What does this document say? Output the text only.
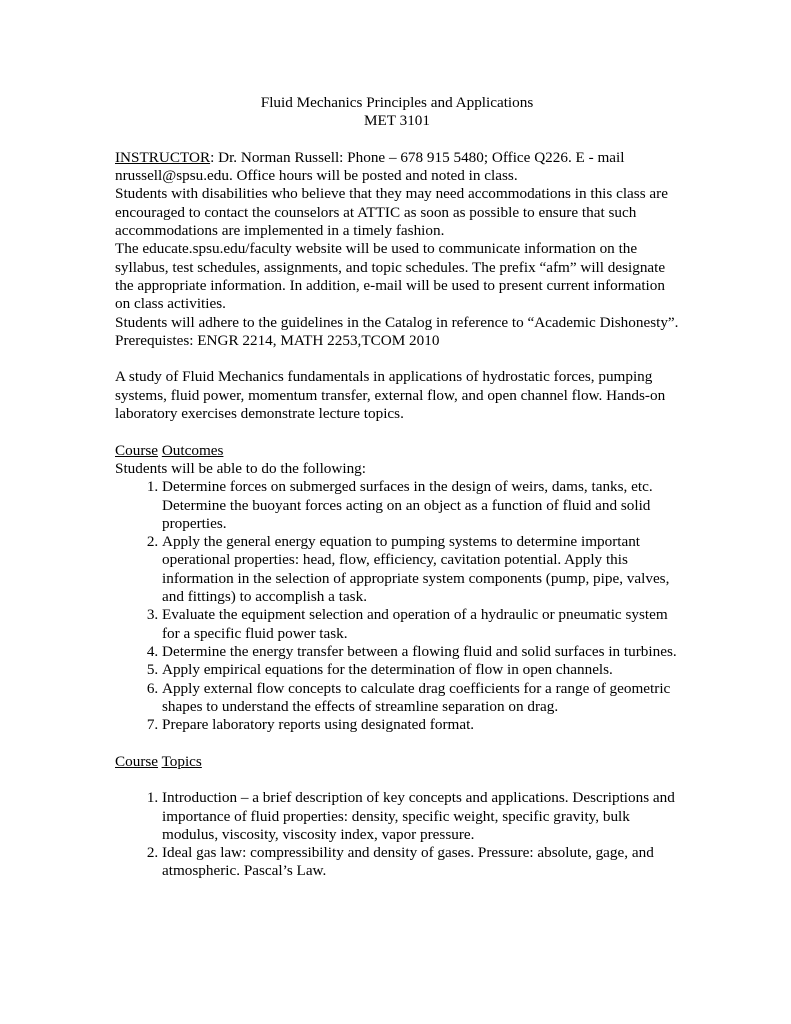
Fluid Mechanics Principles and Applications

MET 3101

INSTRUCTOR: Dr. Norman Russell: Phone – 678 915 5480; Office Q226. E - mail nrussell@spsu.edu. Office hours will be posted and noted in class.

Students with disabilities who believe that they may need accommodations in this class are encouraged to contact the counselors at ATTIC as soon as possible to ensure that such accommodations are implemented in a timely fashion.

The educate.spsu.edu/faculty website will be used to communicate information on the syllabus, test schedules, assignments, and topic schedules. The prefix “afm” will designate the appropriate information. In addition, e-mail will be used to present current information on class activities.

Students will adhere to the guidelines in the Catalog in reference to “Academic Dishonesty”.

Prerequistes: ENGR 2214, MATH 2253,TCOM 2010

A study of Fluid Mechanics fundamentals in applications of hydrostatic forces, pumping systems, fluid power, momentum transfer, external flow, and open channel flow. Hands-on laboratory exercises demonstrate lecture topics.

Course Outcomes

Students will be able to do the following:

1. Determine forces on submerged surfaces in the design of weirs, dams, tanks, etc. Determine the buoyant forces acting on an object as a function of fluid and solid properties.
2. Apply the general energy equation to pumping systems to determine important operational properties: head, flow, efficiency, cavitation potential. Apply this information in the selection of appropriate system components (pump, pipe, valves, and fittings) to accomplish a task.
3. Evaluate the equipment selection and operation of a hydraulic or pneumatic system for a specific fluid power task.
4. Determine the energy transfer between a flowing fluid and solid surfaces in turbines.
5. Apply empirical equations for the determination of flow in open channels.
6. Apply external flow concepts to calculate drag coefficients for a range of geometric shapes to understand the effects of streamline separation on drag.
7. Prepare laboratory reports using designated format.

Course Topics

1. Introduction – a brief description of key concepts and applications. Descriptions and importance of fluid properties: density, specific weight, specific gravity, bulk modulus, viscosity, viscosity index, vapor pressure.
2. Ideal gas law: compressibility and density of gases. Pressure: absolute, gage, and atmospheric. Pascal’s Law.
